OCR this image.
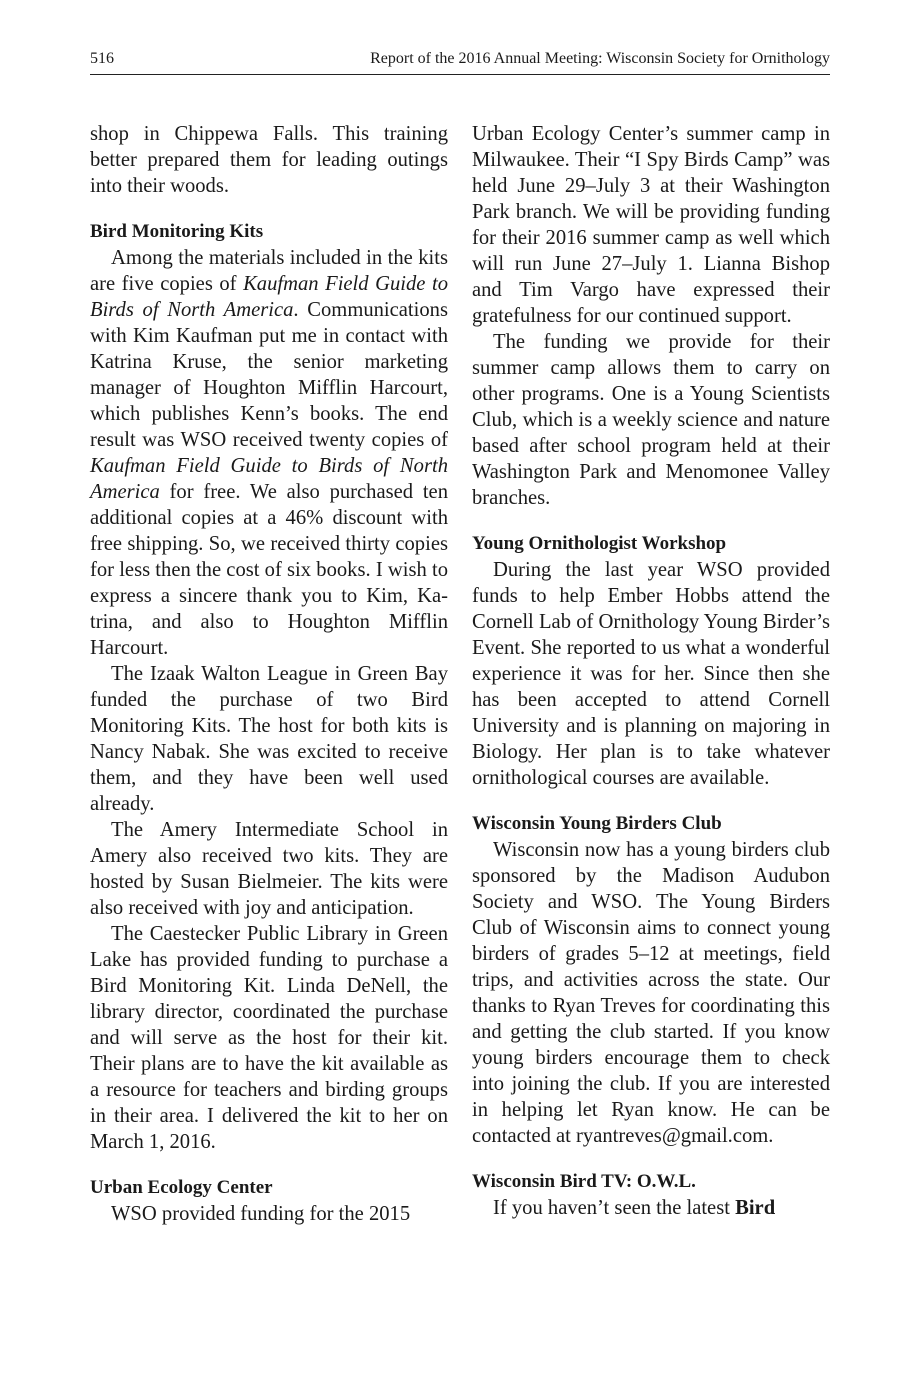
516	Report of the 2016 Annual Meeting: Wisconsin Society for Ornithology

shop in Chippewa Falls. This training better prepared them for leading outings into their woods.

Bird Monitoring Kits

Among the materials included in the kits are five copies of Kaufman Field Guide to Birds of North America. Communications with Kim Kaufman put me in contact with Katrina Kruse, the senior marketing manager of Houghton Mifflin Harcourt, which publishes Kenn’s books. The end result was WSO received twenty copies of Kaufman Field Guide to Birds of North America for free. We also purchased ten additional copies at a 46% discount with free shipping. So, we received thirty copies for less then the cost of six books. I wish to express a sincere thank you to Kim, Katrina, and also to Houghton Mifflin Harcourt.

The Izaak Walton League in Green Bay funded the purchase of two Bird Monitoring Kits. The host for both kits is Nancy Nabak. She was excited to receive them, and they have been well used already.

The Amery Intermediate School in Amery also received two kits. They are hosted by Susan Bielmeier. The kits were also received with joy and anticipation.

The Caestecker Public Library in Green Lake has provided funding to purchase a Bird Monitoring Kit. Linda DeNell, the library director, coordinated the purchase and will serve as the host for their kit. Their plans are to have the kit available as a resource for teachers and birding groups in their area. I delivered the kit to her on March 1, 2016.

Urban Ecology Center

WSO provided funding for the 2015

Urban Ecology Center’s summer camp in Milwaukee. Their “I Spy Birds Camp” was held June 29–July 3 at their Washington Park branch. We will be providing funding for their 2016 summer camp as well which will run June 27–July 1. Lianna Bishop and Tim Vargo have expressed their gratefulness for our continued support.

The funding we provide for their summer camp allows them to carry on other programs. One is a Young Scientists Club, which is a weekly science and nature based after school program held at their Washington Park and Menomonee Valley branches.

Young Ornithologist Workshop

During the last year WSO provided funds to help Ember Hobbs attend the Cornell Lab of Ornithology Young Birder’s Event. She reported to us what a wonderful experience it was for her. Since then she has been accepted to attend Cornell University and is planning on majoring in Biology. Her plan is to take whatever ornithological courses are available.

Wisconsin Young Birders Club

Wisconsin now has a young birders club sponsored by the Madison Audubon Society and WSO. The Young Birders Club of Wisconsin aims to connect young birders of grades 5–12 at meetings, field trips, and activities across the state. Our thanks to Ryan Treves for coordinating this and getting the club started. If you know young birders encourage them to check into joining the club. If you are interested in helping let Ryan know. He can be contacted at ryantreves@gmail.com.

Wisconsin Bird TV: O.W.L.

If you haven’t seen the latest Bird
